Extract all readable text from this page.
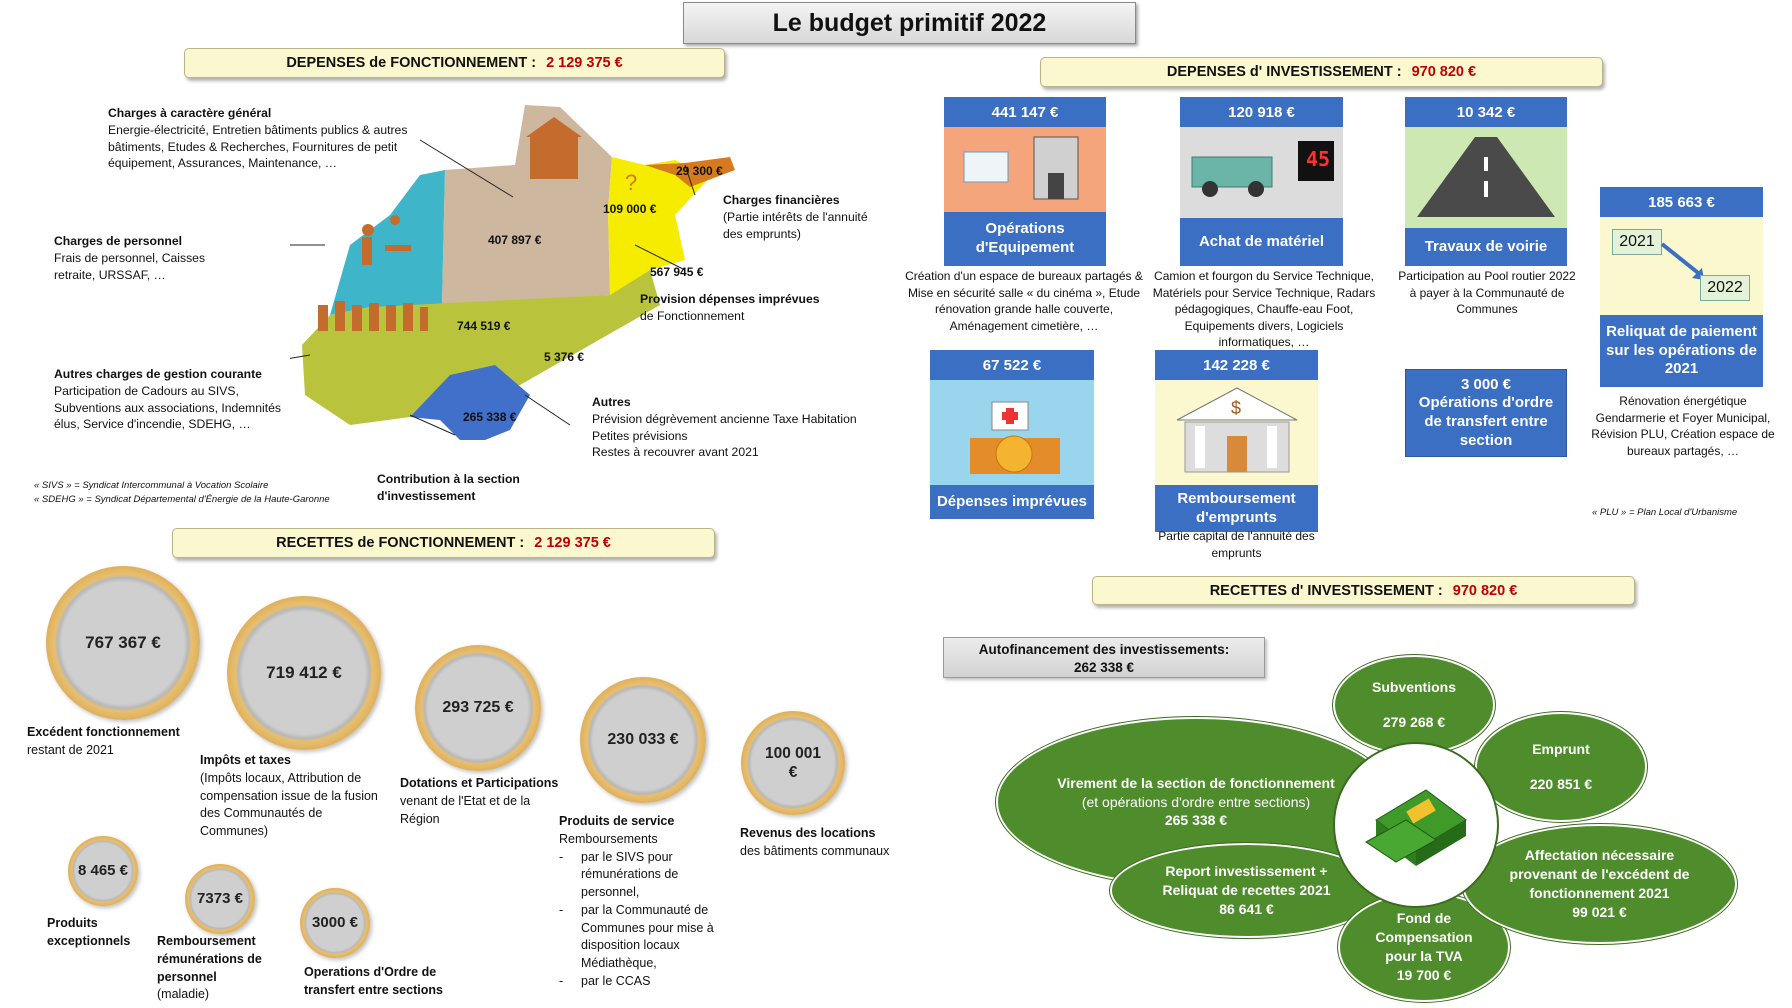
Le budget primitif 2022
DEPENSES de FONCTIONNEMENT : 2 129 375 €
?
567 945 €
407 897 €
109 000 €
29 300 €
744 519 €
5 376 €
265 338 €
Charges à caractère général
Energie-électricité, Entretien bâtiments publics & autres bâtiments, Etudes & Recherches, Fournitures de petit équipement, Assurances, Maintenance, …
Charges de personnel
Frais de personnel, Caisses retraite, URSSAF, …
Autres charges de gestion courante
Participation de Cadours au SIVS, Subventions aux associations, Indemnités élus, Service d'incendie, SDEHG, …
Charges financières
(Partie intérêts de l'annuité des emprunts)
Provision dépenses imprévues
de Fonctionnement
Autres
Prévision dégrèvement ancienne Taxe Habitation
Petites prévisions
Restes à recouvrer avant 2021
Contribution à la section d'investissement
« SIVS » = Syndicat Intercommunal à Vocation Scolaire
« SDEHG » = Syndicat Départemental d'Énergie de la Haute-Garonne
RECETTES de FONCTIONNEMENT : 2 129 375 €
767 367 €
Excédent fonctionnement
restant de 2021
719 412 €
Impôts et taxes
(Impôts locaux, Attribution de compensation issue de la fusion des Communautés de Communes)
293 725 €
Dotations et Participations
venant de l'Etat et de la Région
230 033 €
Produits de service
Remboursements
-	par le SIVS pour rémunérations de personnel,
-	par la Communauté de Communes pour mise à disposition locaux Médiathèque,
-	par le CCAS
100 001 €
Revenus des locations
des bâtiments communaux
8 465 €
Produits exceptionnels
7373 €
Remboursement rémunérations de personnel
(maladie)
3000 €
Operations d'Ordre de transfert entre sections
DEPENSES d' INVESTISSEMENT : 970 820 €
441 147 €
Opérations d'Equipement
Création d'un espace de bureaux partagés & Mise en sécurité salle « du cinéma », Etude rénovation grande halle couverte, Aménagement cimetière, …
120 918 €
45
Achat de matériel
Camion et fourgon du Service Technique, Matériels pour Service Technique, Radars pédagogiques, Chauffe-eau Foot, Equipements divers, Logiciels informatiques, …
10 342 €
Travaux de voirie
Participation au Pool routier 2022 à payer à la Communauté de Communes
185 663 €
2021
2022
Reliquat de paiement sur les opérations de 2021
Rénovation énergétique Gendarmerie et Foyer Municipal, Révision PLU, Création espace de bureaux partagés, …
« PLU » = Plan Local d'Urbanisme
67 522 €
Dépenses imprévues
142 228 €
$
Remboursement d'emprunts
Partie capital de l'annuité des emprunts
3 000 €
Opérations d'ordre de transfert entre section
RECETTES d' INVESTISSEMENT : 970 820 €
Autofinancement des investissements:
262 338 €
Subventions
279 268 €
Emprunt
220 851 €
Virement de la section de fonctionnement
(et opérations d'ordre entre sections)
265 338 €
Report investissement + Reliquat de recettes 2021
86 641 €
Fond de Compensation pour la TVA
19 700 €
Affectation nécessaire provenant de l'excédent de fonctionnement 2021
99 021 €
